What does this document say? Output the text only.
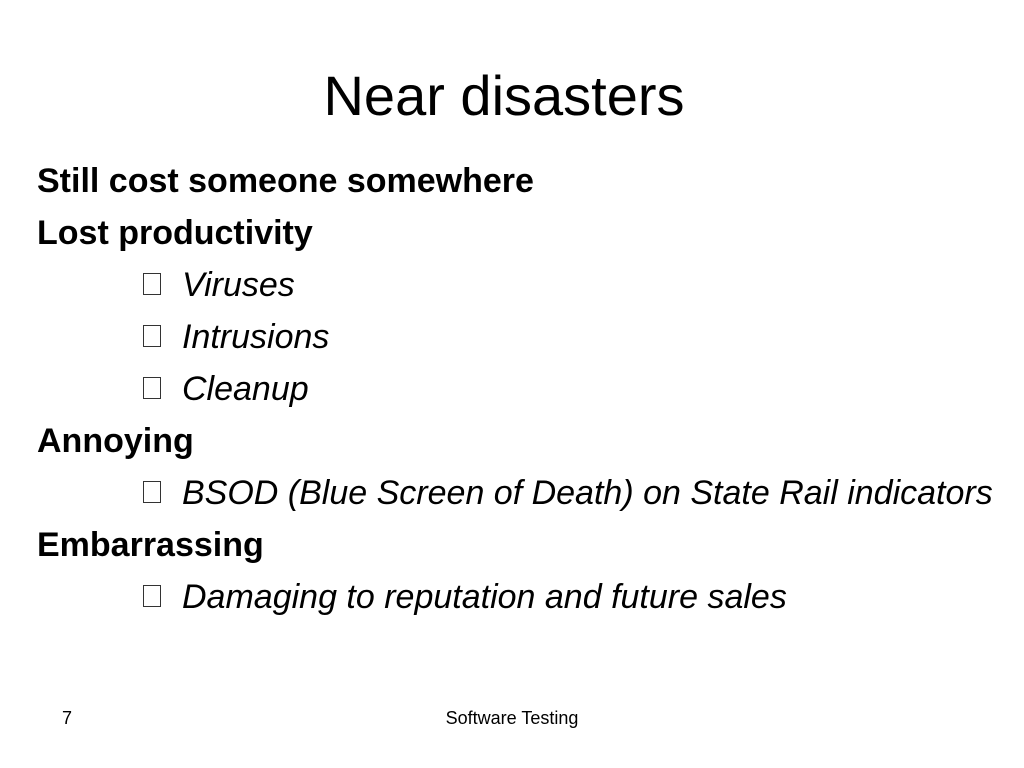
Near disasters
Still cost someone somewhere
Lost productivity
Viruses
Intrusions
Cleanup
Annoying
BSOD (Blue Screen of Death) on State Rail indicators
Embarrassing
Damaging to reputation and future sales
7	Software Testing
